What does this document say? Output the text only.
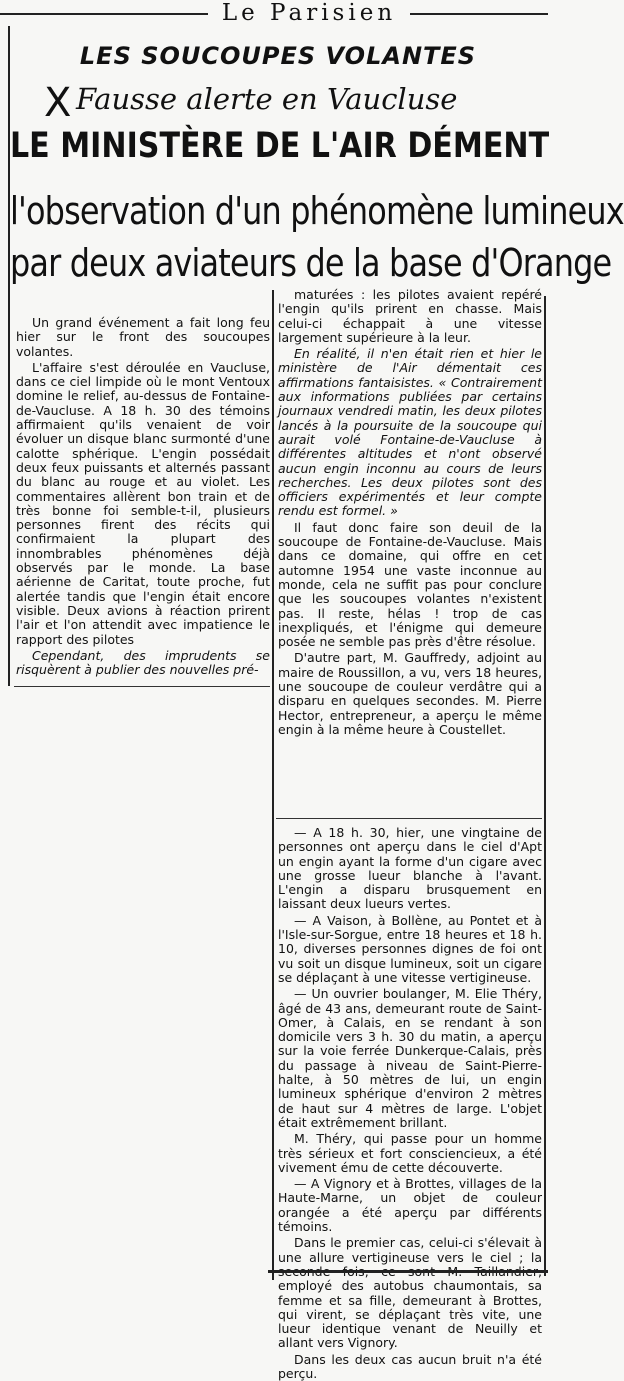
Le Parisien
LES SOUCOUPES VOLANTES
X Fausse alerte en Vaucluse
LE MINISTÈRE DE L'AIR DÉMENT
l'observation d'un phénomène lumineux
par deux aviateurs de la base d'Orange

Un grand événement a fait long feu hier sur le front des soucoupes volantes.

L'affaire s'est déroulée en Vaucluse, dans ce ciel limpide où le mont Ventoux domine le relief, au-dessus de Fontaine-de-Vaucluse. A 18 h. 30 des témoins affirmaient qu'ils venaient de voir évoluer un disque blanc surmonté d'une calotte sphérique. L'engin possédait deux feux puissants et alternés passant du blanc au rouge et au violet. Les commentaires allèrent bon train et de très bonne foi semble-t-il, plusieurs personnes firent des récits qui confirmaient la plupart des innombrables phénomènes déjà observés par le monde. La base aérienne de Caritat, toute proche, fut alertée tandis que l'engin était encore visible. Deux avions à réaction prirent l'air et l'on attendit avec impatience le rapport des pilotes

Cependant, des imprudents se risquèrent à publier des nouvelles pré-

maturées : les pilotes avaient repéré l'engin qu'ils prirent en chasse. Mais celui-ci échappait à une vitesse largement supérieure à la leur.

En réalité, il n'en était rien et hier le ministère de l'Air démentait ces affirmations fantaisistes. « Contrairement aux informations publiées par certains journaux vendredi matin, les deux pilotes lancés à la poursuite de la soucoupe qui aurait volé Fontaine-de-Vaucluse à différentes altitudes et n'ont observé aucun engin inconnu au cours de leurs recherches. Les deux pilotes sont des officiers expérimentés et leur compte rendu est formel. »

Il faut donc faire son deuil de la soucoupe de Fontaine-de-Vaucluse. Mais dans ce domaine, qui offre en cet automne 1954 une vaste inconnue au monde, cela ne suffit pas pour conclure que les soucoupes volantes n'existent pas. Il reste, hélas ! trop de cas inexpliqués, et l'énigme qui demeure posée ne semble pas près d'être résolue.

D'autre part, M. Gauffredy, adjoint au maire de Roussillon, a vu, vers 18 heures, une soucoupe de couleur verdâtre qui a disparu en quelques secondes. M. Pierre Hector, entrepreneur, a aperçu le même engin à la même heure à Coustellet.

— A 18 h. 30, hier, une vingtaine de personnes ont aperçu dans le ciel d'Apt un engin ayant la forme d'un cigare avec une grosse lueur blanche à l'avant. L'engin a disparu brusquement en laissant deux lueurs vertes.

— A Vaison, à Bollène, au Pontet et à l'Isle-sur-Sorgue, entre 18 heures et 18 h. 10, diverses personnes dignes de foi ont vu soit un disque lumineux, soit un cigare se déplaçant à une vitesse vertigineuse.

— Un ouvrier boulanger, M. Elie Théry, âgé de 43 ans, demeurant route de Saint-Omer, à Calais, en se rendant à son domicile vers 3 h. 30 du matin, a aperçu sur la voie ferrée Dunkerque-Calais, près du passage à niveau de Saint-Pierre-halte, à 50 mètres de lui, un engin lumineux sphérique d'environ 2 mètres de haut sur 4 mètres de large. L'objet était extrêmement brillant.

M. Théry, qui passe pour un homme très sérieux et fort consciencieux, a été vivement ému de cette découverte.

— A Vignory et à Brottes, villages de la Haute-Marne, un objet de couleur orangée a été aperçu par différents témoins.

Dans le premier cas, celui-ci s'élevait à une allure vertigineuse vers le ciel ; la employé des autobus chaumontais, sa femme et sa fille, demeurant à Brottes, qui virent, se déplaçant très vite, une lueur identique venant de Neuilly et allant vers Vignory.

Dans les deux cas aucun bruit n'a été perçu.
